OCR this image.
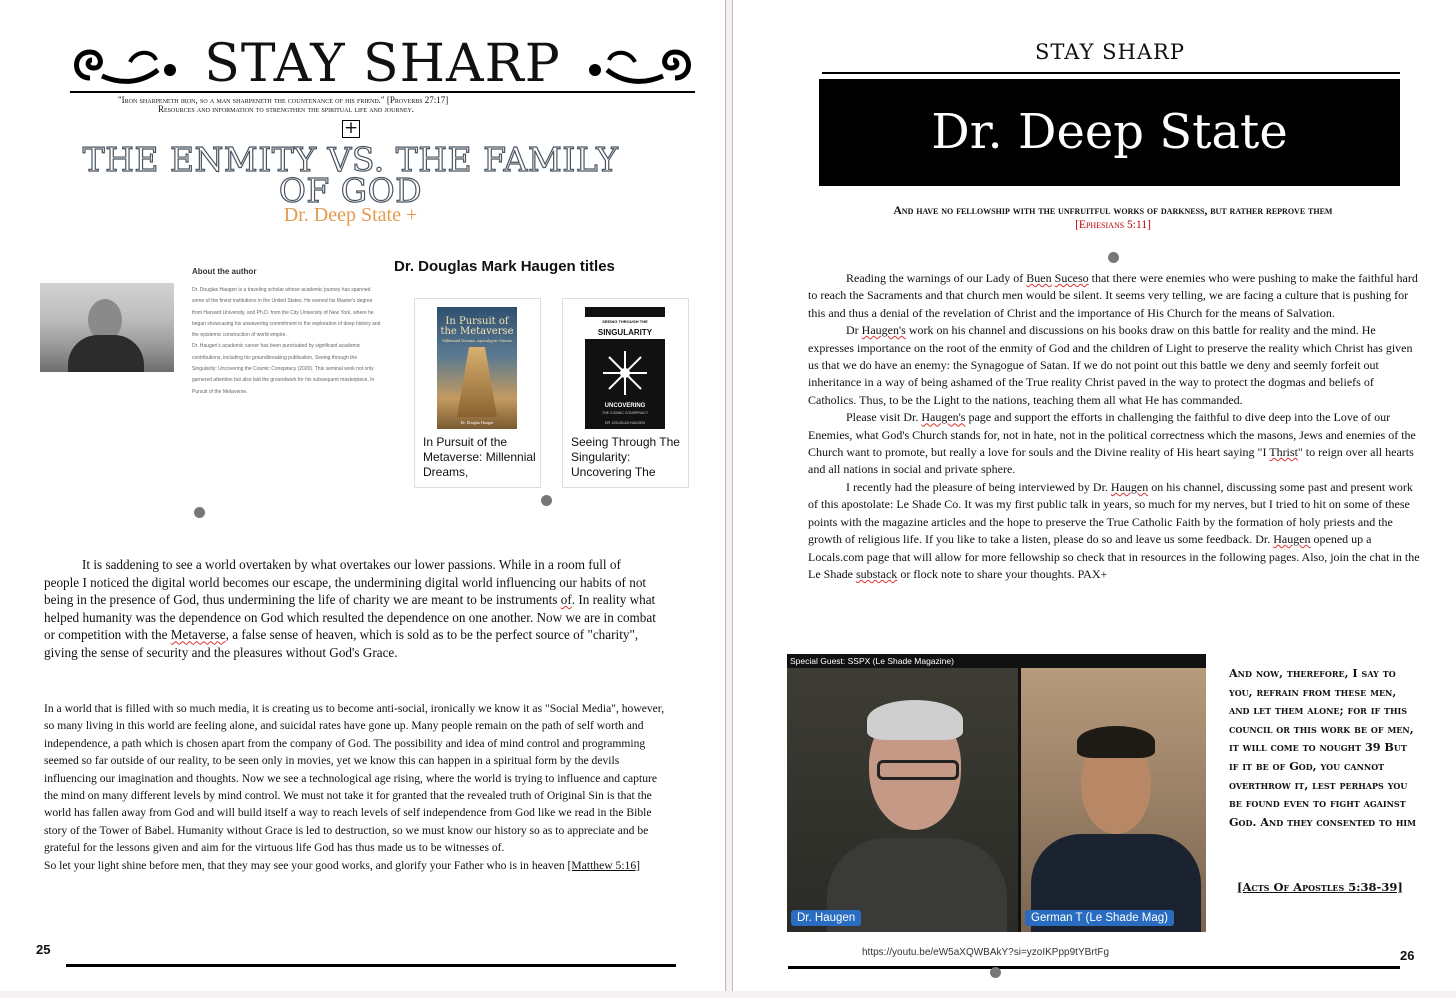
STAY SHARP
"Iron sharpeneth iron, so a man sharpeneth the countenance of his friend." [Proverbs 27:17]
Resources and information to strengthen the spiritual life and journey.
+
THE ENMITY VS. THE FAMILY OF GOD
Dr. Deep State +
About the author

Dr. Douglas Haugen is a traveling scholar whose academic journey has spanned some of the finest institutions in the United States. He earned his Master's degree from Harvard University, and Ph.D. from the City University of New York, where he began showcasing his unwavering commitment to the exploration of deep history and the epistemic construction of world empire.

Dr. Haugen's academic career has been punctuated by significant academic contributions, including his groundbreaking publication, Seeing through the Singularity: Uncovering the Cosmic Conspiracy (2020). This seminal work not only garnered attention but also laid the groundwork for his subsequent masterpiece, In Pursuit of the Metaverse.

Dr. Douglas Mark Haugen titles
In Pursuit of the Metaverse
Millennial Dreams, Apocalyptic Visions
Dr. Douglas Haugen
In Pursuit of the Metaverse: Millennial Dreams,
SEEING THROUGH THE
SINGULARITY
UNCOVERING
THE COSMIC CONSPIRACY
DR. DOUGLAS HAUGEN
Seeing Through The Singularity: Uncovering The

It is saddening to see a world overtaken by what overtakes our lower passions. While in a room full of people I noticed the digital world becomes our escape, the undermining digital world influencing our habits of not being in the presence of God, thus undermining the life of charity we are meant to be instruments of. In reality what helped humanity was the dependence on God which resulted the dependence on one another. Now we are in combat or competition with the Metaverse, a false sense of heaven, which is sold as to be the perfect source of "charity", giving the sense of security and the pleasures without God's Grace.

In a world that is filled with so much media, it is creating us to become anti-social, ironically we know it as "Social Media", however, so many living in this world are feeling alone, and suicidal rates have gone up. Many people remain on the path of self worth and independence, a path which is chosen apart from the company of God. The possibility and idea of mind control and programming seemed so far outside of our reality, to be seen only in movies, yet we know this can happen in a spiritual form by the devils influencing our imagination and thoughts. Now we see a technological age rising, where the world is trying to influence and capture the mind on many different levels by mind control. We must not take it for granted that the revealed truth of Original Sin is that the world has fallen away from God and will build itself a way to reach levels of self independence from God like we read in the Bible story of the Tower of Babel. Humanity without Grace is led to destruction, so we must know our history so as to appreciate and be grateful for the lessons given and aim for the virtuous life God has thus made us to be witnesses of.

So let your light shine before men, that they may see your good works, and glorify your Father who is in heaven [Matthew 5:16]

25
STAY SHARP
Dr. Deep State
And have no fellowship with the unfruitful works of darkness, but rather reprove them
[Ephesians 5:11]

Reading the warnings of our Lady of Buen Suceso that there were enemies who were pushing to make the faithful hard to reach the Sacraments and that church men would be silent. It seems very telling, we are facing a culture that is pushing for this and thus a denial of the revelation of Christ and the importance of His Church for the means of Salvation.

Dr Haugen's work on his channel and discussions on his books draw on this battle for reality and the mind. He expresses importance on the root of the enmity of God and the children of Light to preserve the reality which Christ has given us that we do have an enemy: the Synagogue of Satan. If we do not point out this battle we deny and seemly forfeit out inheritance in a way of being ashamed of the True reality Christ paved in the way to protect the dogmas and beliefs of Catholics. Thus, to be the Light to the nations, teaching them all what He has commanded.

Please visit Dr. Haugen's page and support the efforts in challenging the faithful to dive deep into the Love of our Enemies, what God's Church stands for, not in hate, not in the political correctness which the masons, Jews and enemies of the Church want to promote, but really a love for souls and the Divine reality of His heart saying "I Thrist" to reign over all hearts and all nations in social and private sphere.

I recently had the pleasure of being interviewed by Dr. Haugen on his channel, discussing some past and present work of this apostolate: Le Shade Co. It was my first public talk in years, so much for my nerves, but I tried to hit on some of these points with the magazine articles and the hope to preserve the True Catholic Faith by the formation of holy priests and the growth of religious life. If you like to take a listen, please do so and leave us some feedback. Dr. Haugen opened up a Locals.com page that will allow for more fellowship so check that in resources in the following pages. Also, join the chat in the Le Shade substack or flock note to share your thoughts. PAX+

Special Guest: SSPX (Le Shade Magazine)
Dr. Haugen	German T (Le Shade Mag)
And now, therefore, I say to you, refrain from these men, and let them alone; for if this council or this work be of men, it will come to nought 39 But if it be of God, you cannot overthrow it, lest perhaps you be found even to fight against God. And they consented to him
[Acts Of Apostles 5:38-39]
https://youtu.be/eW5aXQWBAkY?si=yzoIKPpp9tYBrtFg	26
